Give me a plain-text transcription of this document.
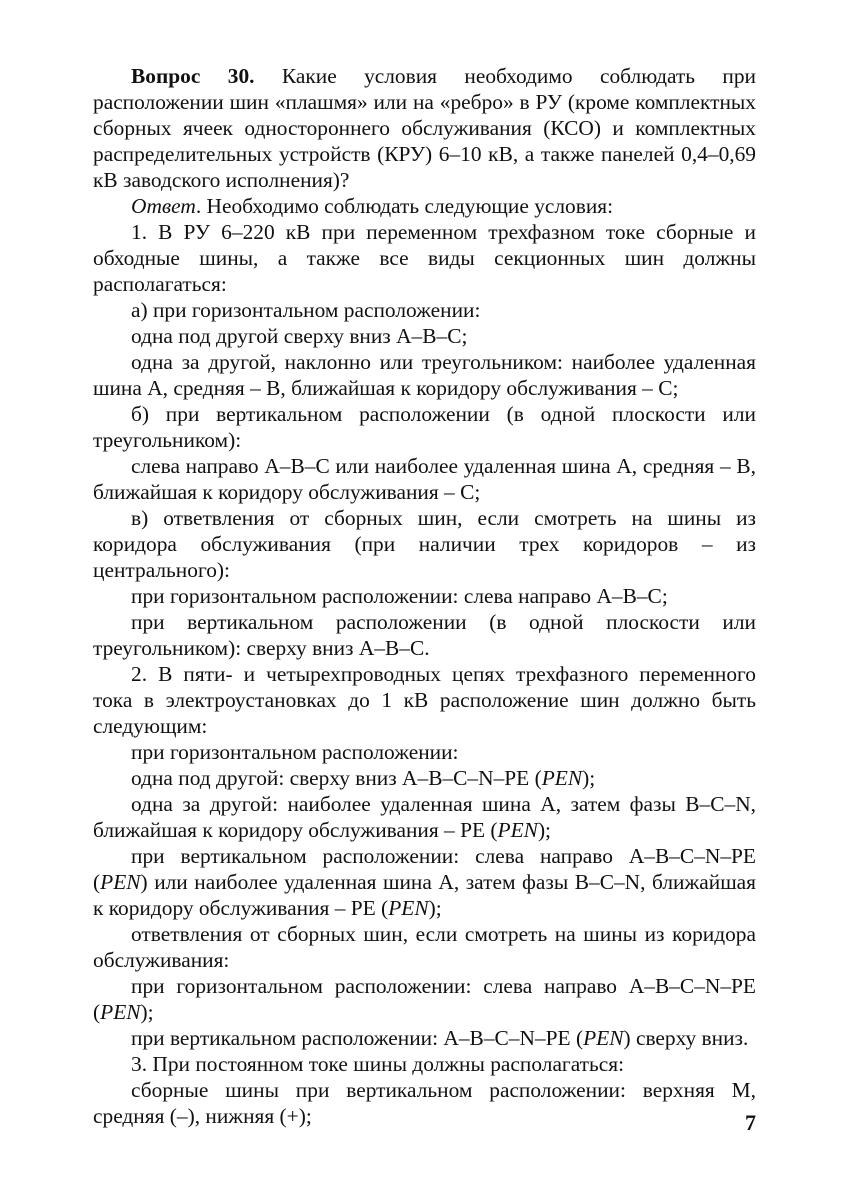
Вопрос 30. Какие условия необходимо соблюдать при расположении шин «плашмя» или на «ребро» в РУ (кроме комплектных сборных ячеек одностороннего обслуживания (КСО) и комплектных распределительных устройств (КРУ) 6–10 кВ, а также панелей 0,4–0,69 кВ заводского исполнения)?

Ответ. Необходимо соблюдать следующие условия:

1. В РУ 6–220 кВ при переменном трехфазном токе сборные и обходные шины, а также все виды секционных шин должны располагаться:

а) при горизонтальном расположении:

одна под другой сверху вниз А–В–С;

одна за другой, наклонно или треугольником: наиболее удаленная шина А, средняя – В, ближайшая к коридору обслуживания – С;

б) при вертикальном расположении (в одной плоскости или треугольником):

слева направо А–В–С или наиболее удаленная шина А, средняя – В, ближайшая к коридору обслуживания – С;

в) ответвления от сборных шин, если смотреть на шины из коридора обслуживания (при наличии трех коридоров – из центрального):

при горизонтальном расположении: слева направо А–В–С;

при вертикальном расположении (в одной плоскости или треугольником): сверху вниз А–В–С.

2. В пяти- и четырехпроводных цепях трехфазного переменного тока в электроустановках до 1 кВ расположение шин должно быть следующим:

при горизонтальном расположении:

одна под другой: сверху вниз А–В–С–N–PE (PEN);

одна за другой: наиболее удаленная шина А, затем фазы В–С–N, ближайшая к коридору обслуживания – РЕ (PEN);

при вертикальном расположении: слева направо А–В–С–N–РЕ (PEN) или наиболее удаленная шина А, затем фазы В–С–N, ближайшая к коридору обслуживания – РЕ (PEN);

ответвления от сборных шин, если смотреть на шины из коридора обслуживания:

при горизонтальном расположении: слева направо А–В–С–N–РЕ (PEN);

при вертикальном расположении: А–В–С–N–РЕ (PEN) сверху вниз.

3. При постоянном токе шины должны располагаться:

сборные шины при вертикальном расположении: верхняя М, средняя (–), нижняя (+);	7
